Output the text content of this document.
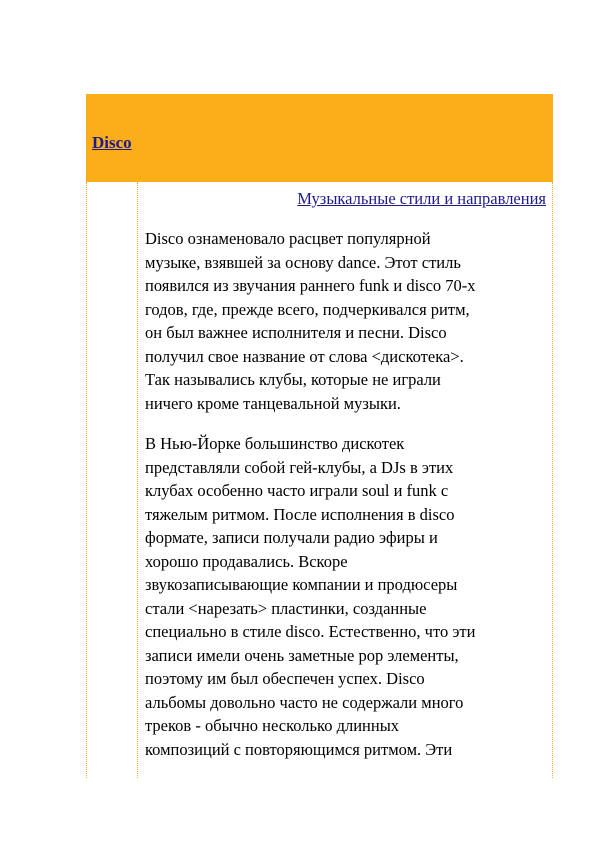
Disco
Музыкальные стили и направления

Disco ознаменовало расцвет популярной
музыке, взявшей за основу dance. Этот стиль
появился из звучания раннего funk и disco 70-х
годов, где, прежде всего, подчеркивался ритм,
он был важнее исполнителя и песни. Disco
получил свое название от слова <дискотека>.
Так назывались клубы, которые не играли
ничего кроме танцевальной музыки.

В Нью-Йорке большинство дискотек
представляли собой гей-клубы, а DJs в этих
клубах особенно часто играли soul и funk с
тяжелым ритмом. После исполнения в disco
формате, записи получали радио эфиры и
хорошо продавались. Вскоре
звукозаписывающие компании и продюсеры
стали <нарезать> пластинки, созданные
специально в стиле disco. Естественно, что эти
записи имели очень заметные pop элементы,
поэтому им был обеспечен успех. Disco
альбомы довольно часто не содержали много
треков - обычно несколько длинных
композиций с повторяющимся ритмом. Эти
